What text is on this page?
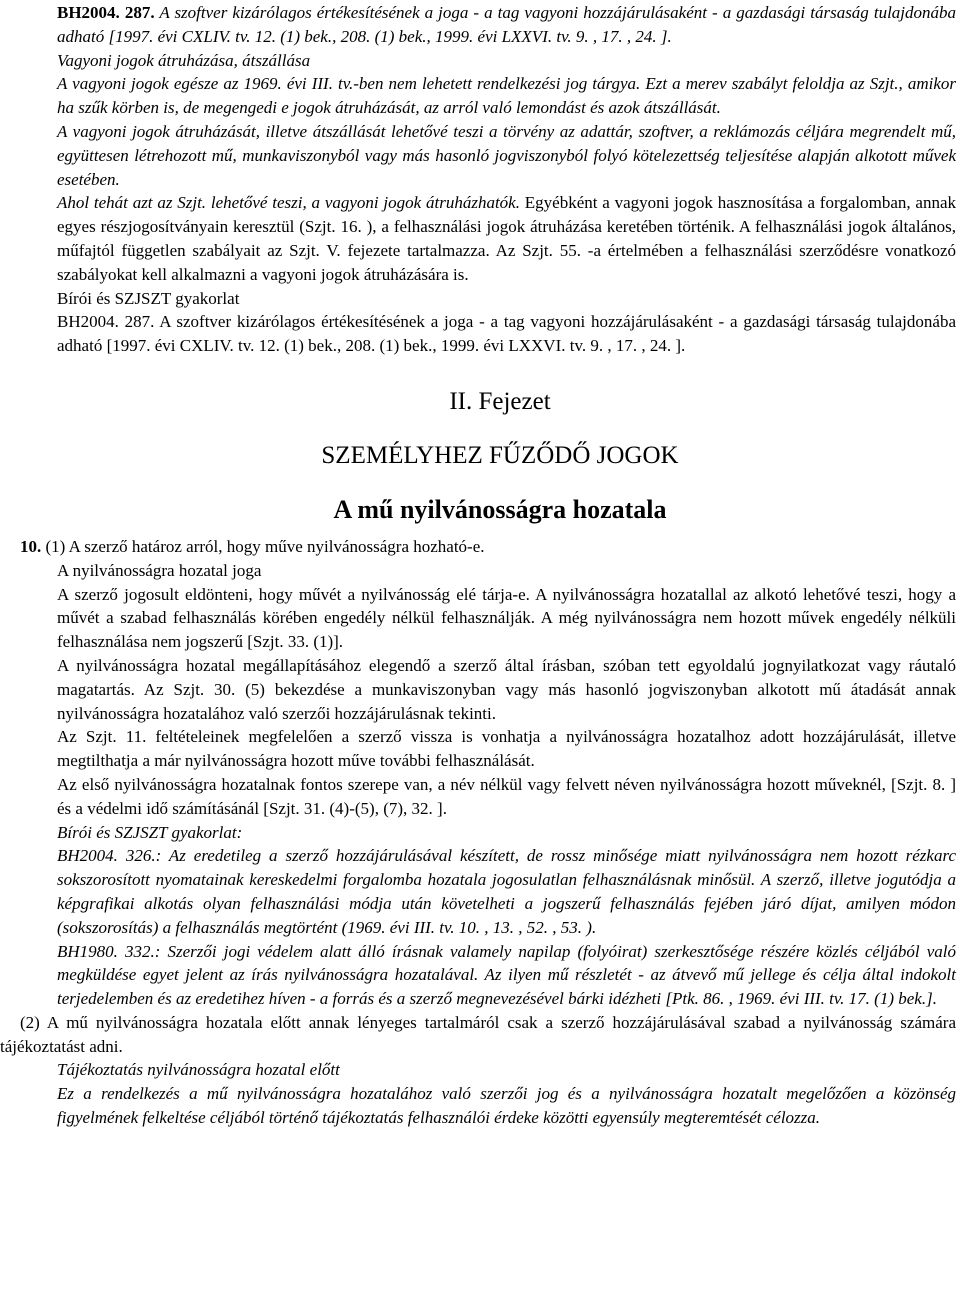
BH2004. 287. A szoftver kizárólagos értékesítésének a joga - a tag vagyoni hozzájárulásaként - a gazdasági társaság tulajdonába adható [1997. évi CXLIV. tv. 12. (1) bek., 208. (1) bek., 1999. évi LXXVI. tv. 9. , 17. , 24. ].

Vagyoni jogok átruházása, átszállása

A vagyoni jogok egésze az 1969. évi III. tv.-ben nem lehetett rendelkezési jog tárgya. Ezt a merev szabályt feloldja az Szjt., amikor ha szűk körben is, de megengedi e jogok átruházását, az arról való lemondást és azok átszállását.

A vagyoni jogok átruházását, illetve átszállását lehetővé teszi a törvény az adattár, szoftver, a reklámozás céljára megrendelt mű, együttesen létrehozott mű, munkaviszonyból vagy más hasonló jogviszonyból folyó kötelezettség teljesítése alapján alkotott művek esetében.

Ahol tehát azt az Szjt. lehetővé teszi, a vagyoni jogok átruházhatók. Egyébként a vagyoni jogok hasznosítása a forgalomban, annak egyes részjogosítványain keresztül (Szjt. 16. ), a felhasználási jogok átruházása keretében történik. A felhasználási jogok általános, műfajtól független szabályait az Szjt. V. fejezete tartalmazza. Az Szjt. 55. -a értelmében a felhasználási szerződésre vonatkozó szabályokat kell alkalmazni a vagyoni jogok átruházására is.

Bírói és SZJSZT gyakorlat

BH2004. 287. A szoftver kizárólagos értékesítésének a joga - a tag vagyoni hozzájárulásaként - a gazdasági társaság tulajdonába adható [1997. évi CXLIV. tv. 12. (1) bek., 208. (1) bek., 1999. évi LXXVI. tv. 9. , 17. , 24. ].

II. Fejezet

SZEMÉLYHEZ FŰZŐDŐ JOGOK

A mű nyilvánosságra hozatala

10. (1) A szerző határoz arról, hogy műve nyilvánosságra hozható-e.

A nyilvánosságra hozatal joga

A szerző jogosult eldönteni, hogy művét a nyilvánosság elé tárja-e. A nyilvánosságra hozatallal az alkotó lehetővé teszi, hogy a művét a szabad felhasználás körében engedély nélkül felhasználják. A még nyilvánosságra nem hozott művek engedély nélküli felhasználása nem jogszerű [Szjt. 33. (1)].

A nyilvánosságra hozatal megállapításához elegendő a szerző által írásban, szóban tett egyoldalú jognyilatkozat vagy ráutaló magatartás. Az Szjt. 30. (5) bekezdése a munkaviszonyban vagy más hasonló jogviszonyban alkotott mű átadását annak nyilvánosságra hozatalához való szerzői hozzájárulásnak tekinti.

Az Szjt. 11. feltételeinek megfelelően a szerző vissza is vonhatja a nyilvánosságra hozatalhoz adott hozzájárulását, illetve megtilthatja a már nyilvánosságra hozott műve további felhasználását.

Az első nyilvánosságra hozatalnak fontos szerepe van, a név nélkül vagy felvett néven nyilvánosságra hozott műveknél, [Szjt. 8. ] és a védelmi idő számításánál [Szjt. 31. (4)-(5), (7), 32. ].

Bírói és SZJSZT gyakorlat:

BH2004. 326.: Az eredetileg a szerző hozzájárulásával készített, de rossz minősége miatt nyilvánosságra nem hozott rézkarc sokszorosított nyomatainak kereskedelmi forgalomba hozatala jogosulatlan felhasználásnak minősül. A szerző, illetve jogutódja a képgrafikai alkotás olyan felhasználási módja után követelheti a jogszerű felhasználás fejében járó díjat, amilyen módon (sokszorosítás) a felhasználás megtörtént (1969. évi III. tv. 10. , 13. , 52. , 53. ).

BH1980. 332.: Szerzői jogi védelem alatt álló írásnak valamely napilap (folyóirat) szerkesztősége részére közlés céljából való megküldése egyet jelent az írás nyilvánosságra hozatalával. Az ilyen mű részletét - az átvevő mű jellege és célja által indokolt terjedelemben és az eredetihez híven - a forrás és a szerző megnevezésével bárki idézheti [Ptk. 86. , 1969. évi III. tv. 17. (1) bek.].

(2) A mű nyilvánosságra hozatala előtt annak lényeges tartalmáról csak a szerző hozzájárulásával szabad a nyilvánosság számára tájékoztatást adni.

Tájékoztatás nyilvánosságra hozatal előtt

Ez a rendelkezés a mű nyilvánosságra hozatalához való szerzői jog és a nyilvánosságra hozatalt megelőzően a közönség figyelmének felkeltése céljából történő tájékoztatás felhasználói érdeke közötti egyensúly megteremtését célozza.
